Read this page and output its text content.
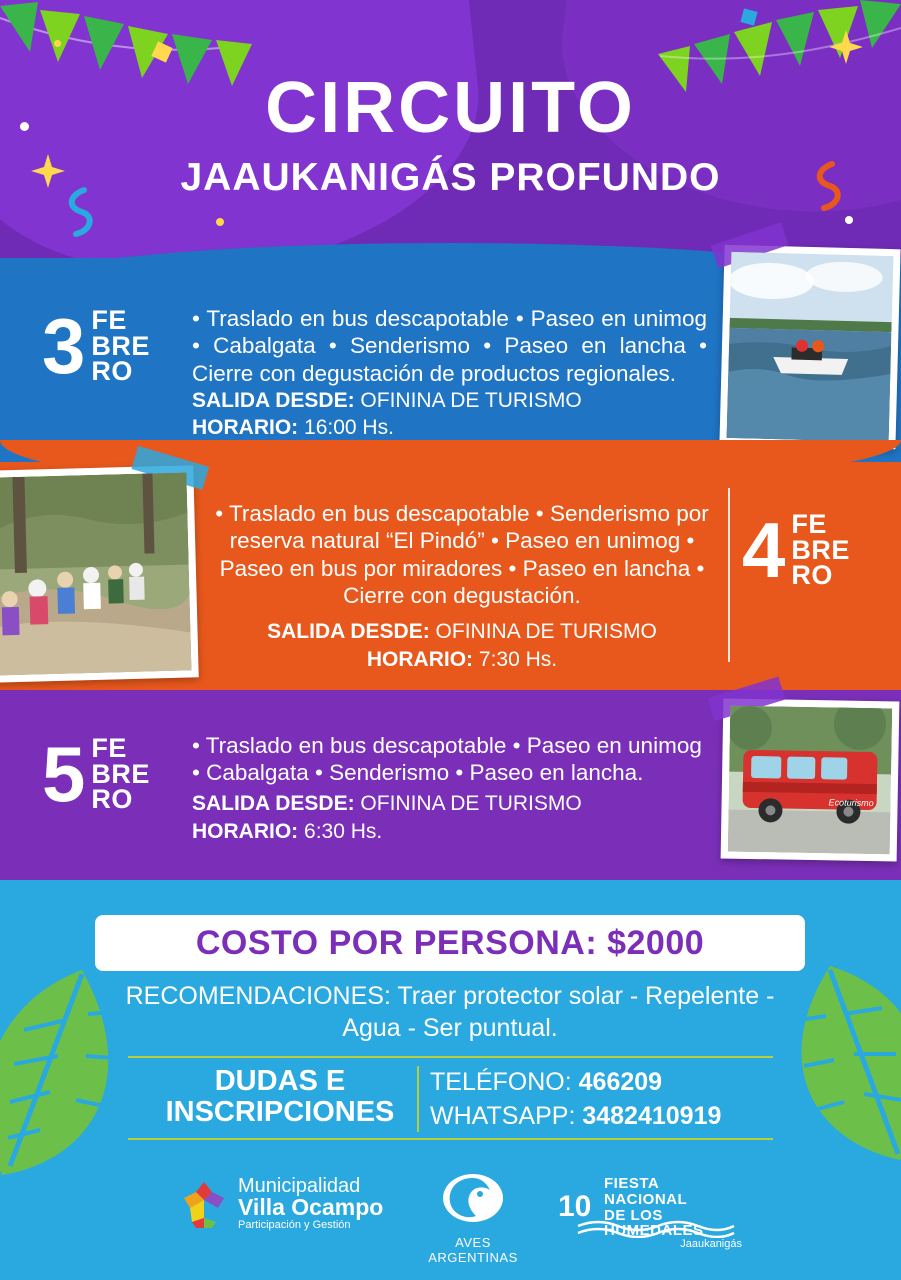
CIRCUITO
JAAUKANIGÁS PROFUNDO
3 FE
BRE
RO
• Traslado en bus descapotable • Paseo en unimog • Cabalgata • Senderismo • Paseo en lancha • Cierre con degustación de productos regionales.
SALIDA DESDE: OFININA DE TURISMO
HORARIO: 16:00 Hs.
4 FE
BRE
RO
• Traslado en bus descapotable • Senderismo por reserva natural “El Pindó” • Paseo en unimog • Paseo en bus por miradores • Paseo en lancha • Cierre con degustación.
SALIDA DESDE: OFININA DE TURISMO
HORARIO: 7:30 Hs.
5 FE
BRE
RO
• Traslado en bus descapotable • Paseo en unimog • Cabalgata • Senderismo • Paseo en lancha.
SALIDA DESDE: OFININA DE TURISMO
HORARIO: 6:30 Hs.
Ecoturismo
COSTO POR PERSONA: $2000
RECOMENDACIONES: Traer protector solar - Repelente - Agua - Ser puntual.
DUDAS E
INSCRIPCIONES
TELÉFONO: 466209
WHATSAPP: 3482410919
Municipalidad
Villa Ocampo
Participación y Gestión
AVES ARGENTINAS
10
FIESTA NACIONAL
DE LOS HUMEDALES
Jaaukanigás
